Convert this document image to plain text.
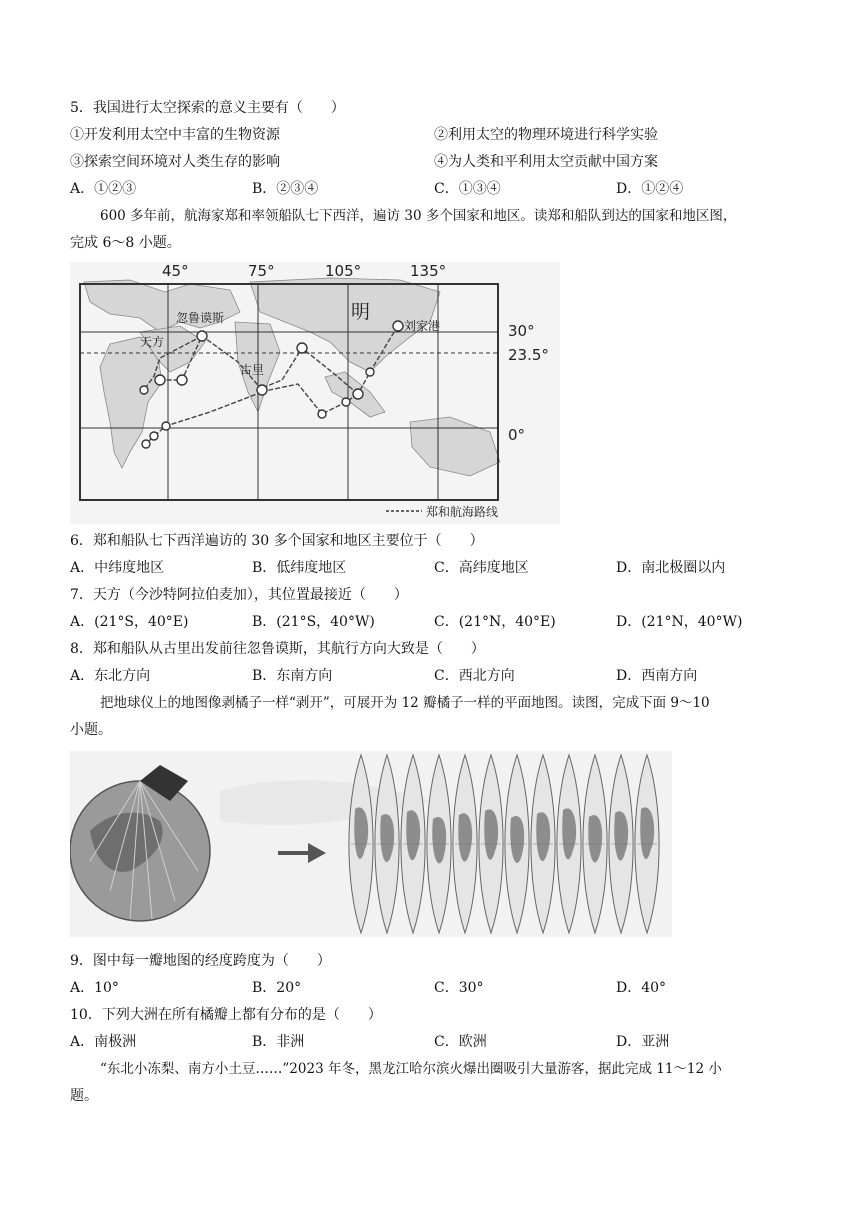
5．我国进行太空探索的意义主要有（　　）
①开发利用太空中丰富的生物资源	②利用太空的物理环境进行科学实验
③探索空间环境对人类生存的影响	④为人类和平利用太空贡献中国方案
A．①②③	B．②③④	C．①③④	D．①②④
600 多年前，航海家郑和率领船队七下西洋，遍访 30 多个国家和地区。读郑和船队到达的国家和地区图，
完成 6～8 小题。
45°	75°	105°	135°
30°
23.5°
0°
明
刘家港
忽鲁谟斯
天方
古里
郑和航海路线
6．郑和船队七下西洋遍访的 30 多个国家和地区主要位于（　　）
A．中纬度地区	B．低纬度地区	C．高纬度地区	D．南北极圈以内
7．天方（今沙特阿拉伯麦加），其位置最接近（　　）
A．(21°S，40°E)	B．(21°S，40°W)	C．(21°N，40°E)	D．(21°N，40°W)
8．郑和船队从古里出发前往忽鲁谟斯，其航行方向大致是（　　）
A．东北方向	B．东南方向	C．西北方向	D．西南方向
把地球仪上的地图像剥橘子一样“剥开”，可展开为 12 瓣橘子一样的平面地图。读图，完成下面 9～10
小题。
9．图中每一瓣地图的经度跨度为（　　）
A．10°	B．20°	C．30°	D．40°
10．下列大洲在所有橘瓣上都有分布的是（　　）
A．南极洲	B．非洲	C．欧洲	D．亚洲
“东北小冻梨、南方小土豆……”2023 年冬，黑龙江哈尔滨火爆出圈吸引大量游客，据此完成 11～12 小
题。
